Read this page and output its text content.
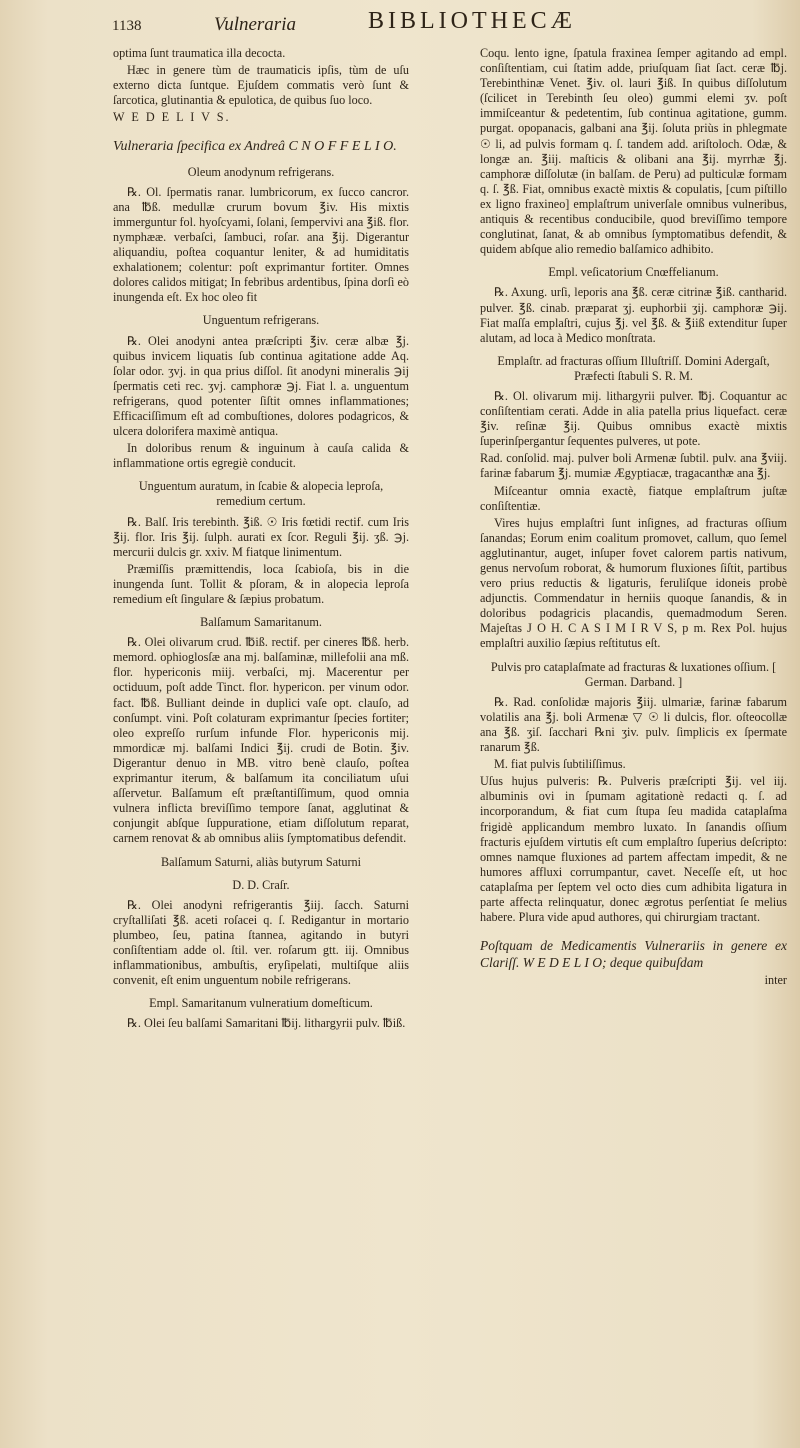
1138	Vulneraria	BIBLIOTHECÆ

optima ſunt traumatica illa decocta.

Hæc in genere tùm de traumaticis ipſis, tùm de uſu externo dicta ſuntque. Ejuſdem commatis verò ſunt & ſarcotica, glutinantia & epulotica, de quibus ſuo loco.

W E D E L I V S.

Vulneraria ſpecifica ex Andreâ C N O F F E L I O.

Oleum anodynum refrigerans.

℞. Ol. ſpermatis ranar. lumbricorum, ex ſucco cancror. ana ℔ß. medullæ crurum bovum ℥iv. His mixtis immerguntur fol. hyoſcyami, ſolani, ſempervivi ana ℥iß. flor. nymphææ. verbaſci, ſambuci, roſar. ana ℥ij. Digerantur aliquandiu, poſtea coquantur leniter, & ad humiditatis exhalationem; colentur: poſt exprimantur fortiter. Omnes dolores calidos mitigat; In febribus ardentibus, ſpina dorſi eò inungenda eſt. Ex hoc oleo fit

Unguentum refrigerans.

℞. Olei anodyni antea præſcripti ℥iv. ceræ albæ ℥j. quibus invicem liquatis ſub continua agitatione adde Aq. ſolar odor. ʒvj. in qua prius diſſol. ſit anodyni mineralis ℈ij ſpermatis ceti rec. ʒvj. camphoræ ℈j. Fiat l. a. unguentum refrigerans, quod potenter ſiſtit omnes inflammationes; Efficaciſſimum eſt ad combuſtiones, dolores podagricos, & ulcera dolorifera maximè antiqua.

In doloribus renum & inguinum à cauſa calida & inflammatione ortis egregiè conducit.

Unguentum auratum, in ſcabie & alopecia leproſa, remedium certum.

℞. Balſ. Iris terebinth. ℥iß. ☉ Iris fœtidi rectif. cum Iris ℥ij. flor. Iris ℥ij. ſulph. aurati ex ſcor. Reguli ℥ij. ʒß. ℈j. mercurii dulcis gr. xxiv. M fiatque linimentum.

Præmiſſis præmittendis, loca ſcabioſa, bis in die inungenda ſunt. Tollit & pſoram, & in alopecia leproſa remedium eſt ſingulare & ſæpius probatum.

Balſamum Samaritanum.

℞. Olei olivarum crud. ℔iß. rectif. per cineres ℔ß. herb. memord. ophioglosſæ ana mj. balſaminæ, millefolii ana mß. flor. hypericonis miij. verbaſci, mj. Macerentur per octiduum, poſt adde Tinct. flor. hypericon. per vinum odor. fact. ℔ß. Bulliant deinde in duplici vaſe opt. clauſo, ad conſumpt. vini. Poſt colaturam exprimantur ſpecies fortiter; oleo expreſſo rurſum infunde Flor. hypericonis mij. mmordicæ mj. balſami Indici ℥ij. crudi de Botin. ℥iv. Digerantur denuo in MB. vitro benè clauſo, poſtea exprimantur iterum, & balſamum ita conciliatum uſui aſſervetur. Balſamum eſt præſtantiſſimum, quod omnia vulnera inflicta breviſſimo tempore ſanat, agglutinat & conjungit abſque ſuppuratione, etiam diſſolutum reparat, carnem renovat & ab omnibus aliis ſymptomatibus defendit.

Balſamum Saturni, aliàs butyrum Saturni

D. D. Craſr.

℞. Olei anodyni refrigerantis ℥iij. ſacch. Saturni cryſtalliſati ℥ß. aceti roſacei q. ſ. Redigantur in mortario plumbeo, ſeu, patina ſtannea, agitando in butyri conſiſtentiam adde ol. ſtil. ver. roſarum gtt. iij. Omnibus inflammationibus, ambuſtis, eryſipelati, multiſque aliis convenit, eſt enim unguentum nobile refrigerans.

Empl. Samaritanum vulneratium domeſticum.

℞. Olei ſeu balſami Samaritani ℔ij. lithargyrii pulv. ℔iß.

Coqu. lento igne, ſpatula fraxinea ſemper agitando ad empl. conſiſtentiam, cui ſtatim adde, priuſquam ſiat ſact. ceræ ℔j. Terebinthinæ Venet. ℥iv. ol. lauri ℥iß. In quibus diſſolutum (ſcilicet in Terebinth ſeu oleo) gummi elemi ʒv. poſt immiſceantur & pedetentim, ſub continua agitatione, gumm. purgat. opopanacis, galbani ana ℥ij. ſoluta priùs in phlegmate ☉ li, ad pulvis formam q. ſ. tandem add. ariſtoloch. Odæ, & longæ an. ℥iij. maſticis & olibani ana ℥ij. myrrhæ ℥j. camphoræ diſſolutæ (in balſam. de Peru) ad pulticulæ formam q. ſ. ℥ß. Fiat, omnibus exactè mixtis & copulatis, [cum piſtillo ex ligno fraxineo] emplaſtrum univerſale omnibus vulneribus, antiquis & recentibus conducibile, quod breviſſimo tempore conglutinat, ſanat, & ab omnibus ſymptomatibus defendit, & quidem abſque alio remedio balſamico adhibito.

Empl. veſicatorium Cnœffelianum.

℞. Axung. urſi, leporis ana ℥ß. ceræ citrinæ ℥iß. cantharid. pulver. ℥ß. cinab. præparat ʒj. euphorbii ʒij. camphoræ ℈ij. Fiat maſſa emplaſtri, cujus ℥j. vel ℥ß. & ℥iiß extenditur ſuper alutam, ad loca à Medico monſtrata.

Emplaſtr. ad fracturas oſſium Illuſtriſſ. Domini Adergaſt, Præfecti ſtabuli S. R. M.

℞. Ol. olivarum mij. lithargyrii pulver. ℔j. Coquantur ac conſiſtentiam cerati. Adde in alia patella prius liquefact. ceræ ℥iv. reſinæ ℥ij. Quibus omnibus exactè mixtis ſuperinſpergantur ſequentes pulveres, ut pote.

Rad. conſolid. maj. pulver boli Armenæ ſubtil. pulv. ana ℥viij. farinæ fabarum ℥j. mumiæ Ægyptiacæ, tragacanthæ ana ℥j.

Miſceantur omnia exactè, fiatque emplaſtrum juſtæ conſiſtentiæ.

Vires hujus emplaſtri ſunt inſignes, ad fracturas oſſium ſanandas; Eorum enim coalitum promovet, callum, quo ſemel agglutinantur, auget, inſuper fovet calorem partis nativum, genus nervoſum roborat, & humorum fluxiones ſiſtit, partibus vero prius reductis & ligaturis, feruliſque idoneis probè adjunctis. Commendatur in herniis quoque ſanandis, & in doloribus podagricis placandis, quemadmodum Seren. Majeſtas J O H. C A S I M I R V S, p m. Rex Pol. hujus emplaſtri auxilio ſæpius reſtitutus eſt.

Pulvis pro cataplaſmate ad fracturas & luxationes oſſium. [ German. Darband. ]

℞. Rad. conſolidæ majoris ℥iij. ulmariæ, farinæ fabarum volatilis ana ℥j. boli Armenæ ▽ ☉ li dulcis, flor. oſteocollæ ana ℥ß. ʒiſ. ſacchari ℞ni ʒiv. pulv. ſimplicis ex ſpermate ranarum ℥ß.

M. fiat pulvis ſubtiliſſimus.

Uſus hujus pulveris: ℞. Pulveris præſcripti ℥ij. vel iij. albuminis ovi in ſpumam agitationè redacti q. ſ. ad incorporandum, & fiat cum ſtupa ſeu madida cataplaſma frigidè applicandum membro luxato. In ſanandis oſſium fracturis ejuſdem virtutis eſt cum emplaſtro ſuperius deſcripto: omnes namque fluxiones ad partem affectam impedit, & ne humores affluxi corrumpantur, cavet. Neceſſe eſt, ut hoc cataplaſma per ſeptem vel octo dies cum adhibita ligatura in parte affecta relinquatur, donec ægrotus perſentiat ſe melius habere. Plura vide apud authores, qui chirurgiam tractant.

Poſtquam de Medicamentis Vulnerariis in genere ex Clariſſ. W E D E L I O; deque quibuſdam

inter
